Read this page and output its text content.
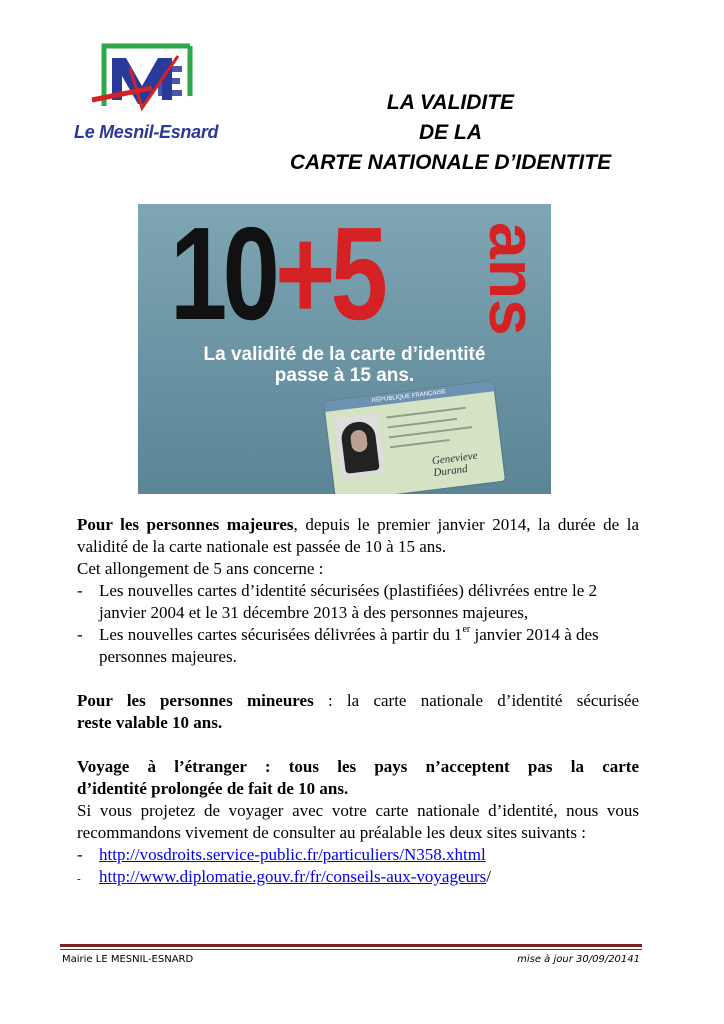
Le Mesnil-Esnard
LA VALIDITE
DE LA
CARTE NATIONALE D’IDENTITE
10+5 ans
La validité de la carte d’identité
passe à 15 ans.
RÉPUBLIQUE FRANÇAISE
Genevieve Durand
Pour les personnes majeures, depuis le premier janvier 2014, la durée de la validité de la carte nationale est passée de 10 à 15 ans.
Cet allongement de 5 ans concerne :
- Les nouvelles cartes d’identité sécurisées (plastifiées) délivrées entre le 2 janvier 2004 et le 31 décembre 2013 à des personnes majeures,
- Les nouvelles cartes sécurisées délivrées à partir du 1er janvier 2014 à des personnes majeures.
Pour les personnes mineures : la carte nationale d’identité sécurisée
reste valable 10 ans.
Voyage à l’étranger : tous les pays n’acceptent pas la carte
d’identité prolongée de fait de 10 ans.
Si vous projetez de voyager avec votre carte nationale d’identité, nous vous recommandons vivement de consulter au préalable les deux sites suivants :
- http://vosdroits.service-public.fr/particuliers/N358.xhtml
- http://www.diplomatie.gouv.fr/fr/conseils-aux-voyageurs/
Mairie LE MESNIL-ESNARD	mise à jour 30/09/20141
